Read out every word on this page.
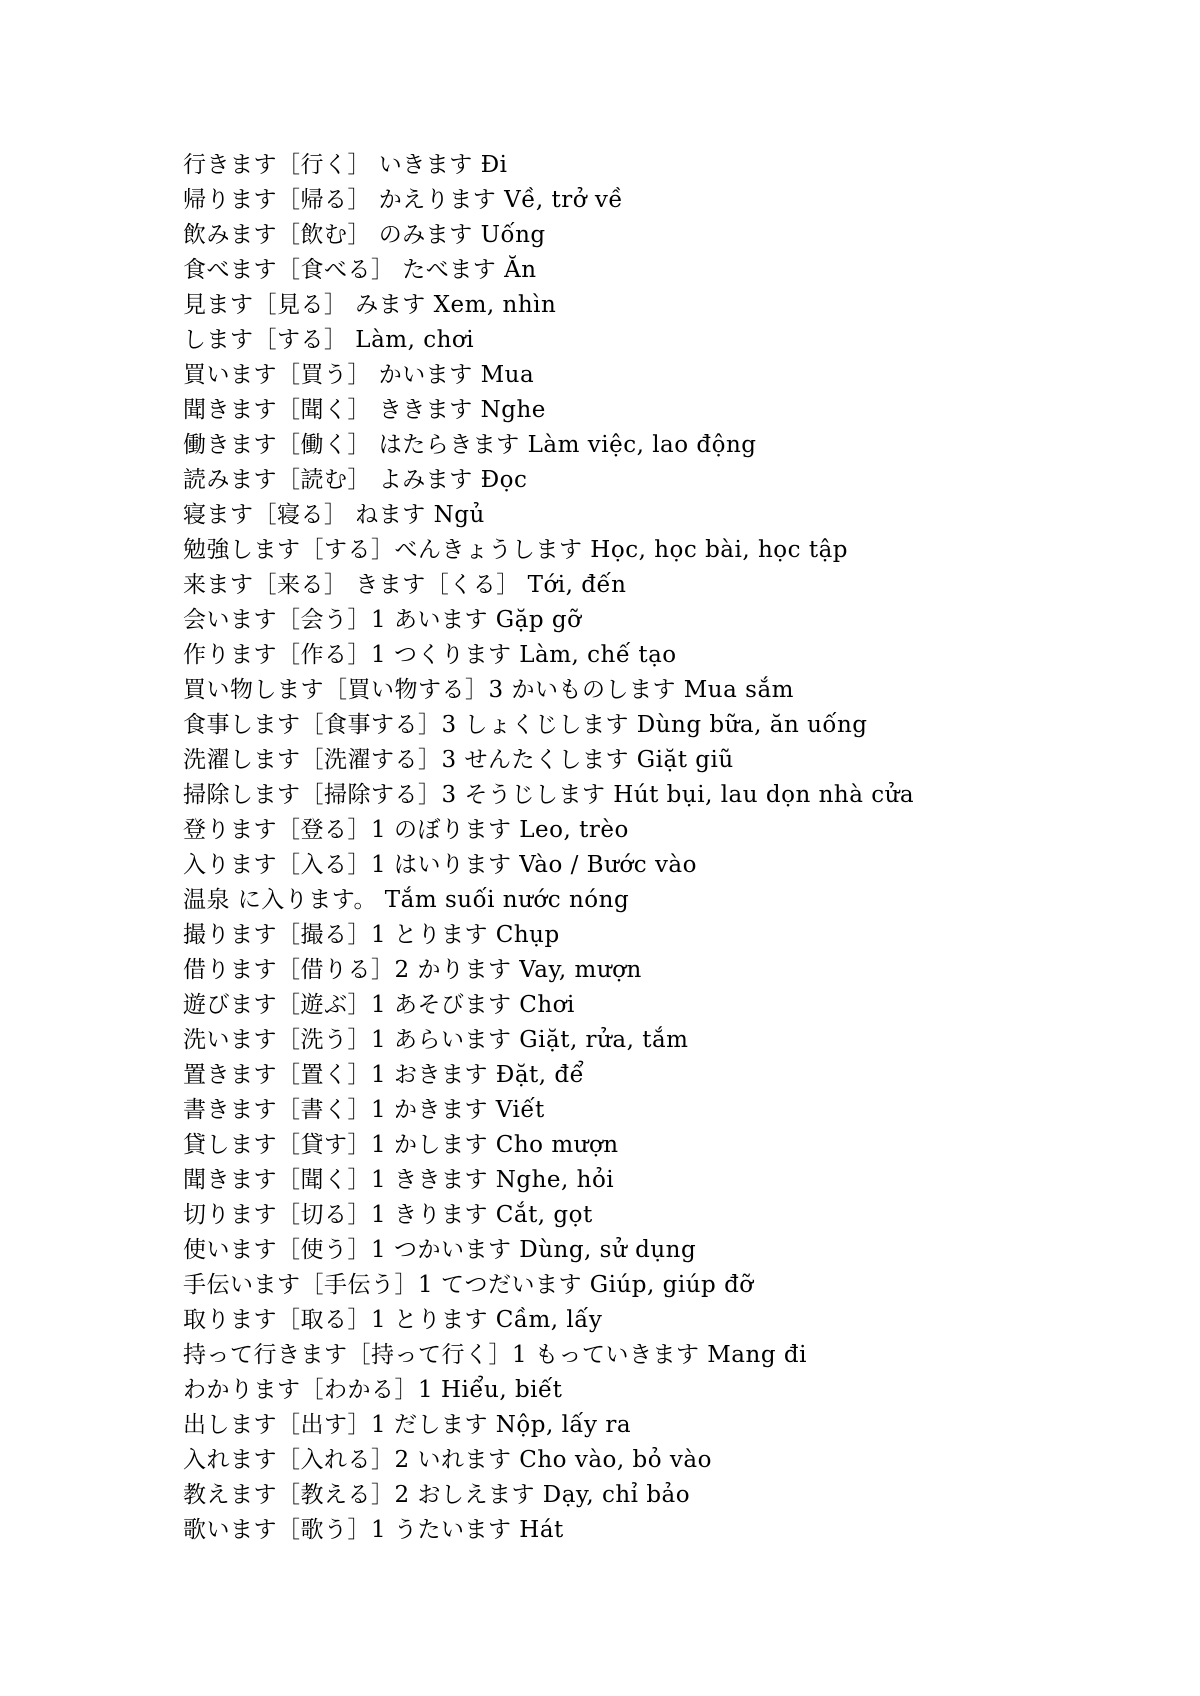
行きます［行く］ いきます Đi
帰ります［帰る］ かえります Về, trở về
飲みます［飲む］ のみます Uống
食べます［食べる］ たべます Ăn
見ます［見る］ みます Xem, nhìn
します［する］ Làm, chơi
買います［買う］ かいます Mua
聞きます［聞く］ ききます Nghe
働きます［働く］ はたらきます Làm việc, lao động
読みます［読む］ よみます Đọc
寝ます［寝る］ ねます Ngủ
勉強します［する］べんきょうします Học, học bài, học tập
来ます［来る］ きます［くる］ Tới, đến
会います［会う］1 あいます Gặp gỡ
作ります［作る］1 つくります Làm, chế tạo
買い物します［買い物する］3 かいものします Mua sắm
食事します［食事する］3 しょくじします Dùng bữa, ăn uống
洗濯します［洗濯する］3 せんたくします Giặt giũ
掃除します［掃除する］3 そうじします Hút bụi, lau dọn nhà cửa
登ります［登る］1 のぼります Leo, trèo
入ります［入る］1 はいります Vào / Bước vào
温泉 に入ります。 Tắm suối nước nóng
撮ります［撮る］1 とります Chụp
借ります［借りる］2 かります Vay, mượn
遊びます［遊ぶ］1 あそびます Chơi
洗います［洗う］1 あらいます Giặt, rửa, tắm
置きます［置く］1 おきます Đặt, để
書きます［書く］1 かきます Viết
貸します［貸す］1 かします Cho mượn
聞きます［聞く］1 ききます Nghe, hỏi
切ります［切る］1 きります Cắt, gọt
使います［使う］1 つかいます Dùng, sử dụng
手伝います［手伝う］1 てつだいます Giúp, giúp đỡ
取ります［取る］1 とります Cầm, lấy
持って行きます［持って行く］1 もっていきます Mang đi
わかります［わかる］1 Hiểu, biết
出します［出す］1 だします Nộp, lấy ra
入れます［入れる］2 いれます Cho vào, bỏ vào
教えます［教える］2 おしえます Dạy, chỉ bảo
歌います［歌う］1 うたいます Hát
